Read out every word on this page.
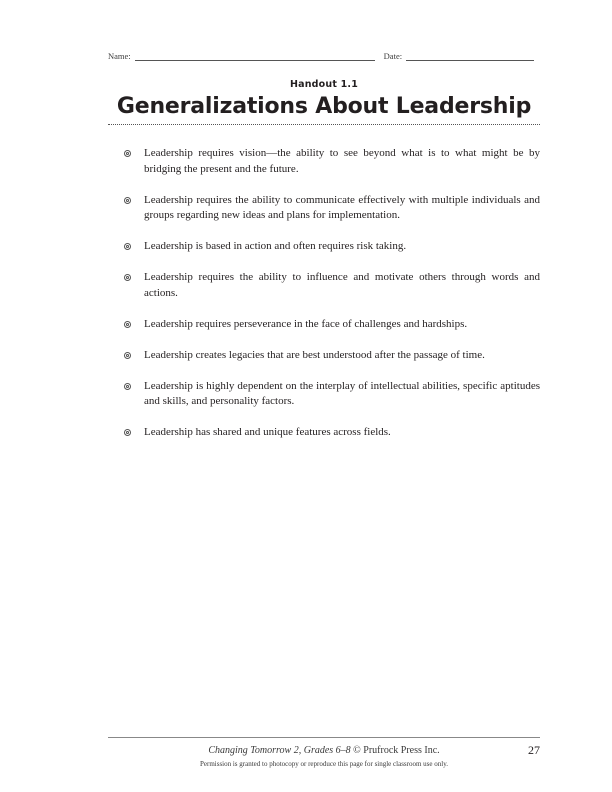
Name:	Date:
Handout 1.1
Generalizations About Leadership
Leadership requires vision—the ability to see beyond what is to what might be by bridging the present and the future.
Leadership requires the ability to communicate effectively with multiple individuals and groups regarding new ideas and plans for implementation.
Leadership is based in action and often requires risk taking.
Leadership requires the ability to influence and motivate others through words and actions.
Leadership requires perseverance in the face of challenges and hardships.
Leadership creates legacies that are best understood after the passage of time.
Leadership is highly dependent on the interplay of intellectual abilities, specific aptitudes and skills, and personality factors.
Leadership has shared and unique features across fields.
Changing Tomorrow 2, Grades 6–8 © Prufrock Press Inc.	27
Permission is granted to photocopy or reproduce this page for single classroom use only.
